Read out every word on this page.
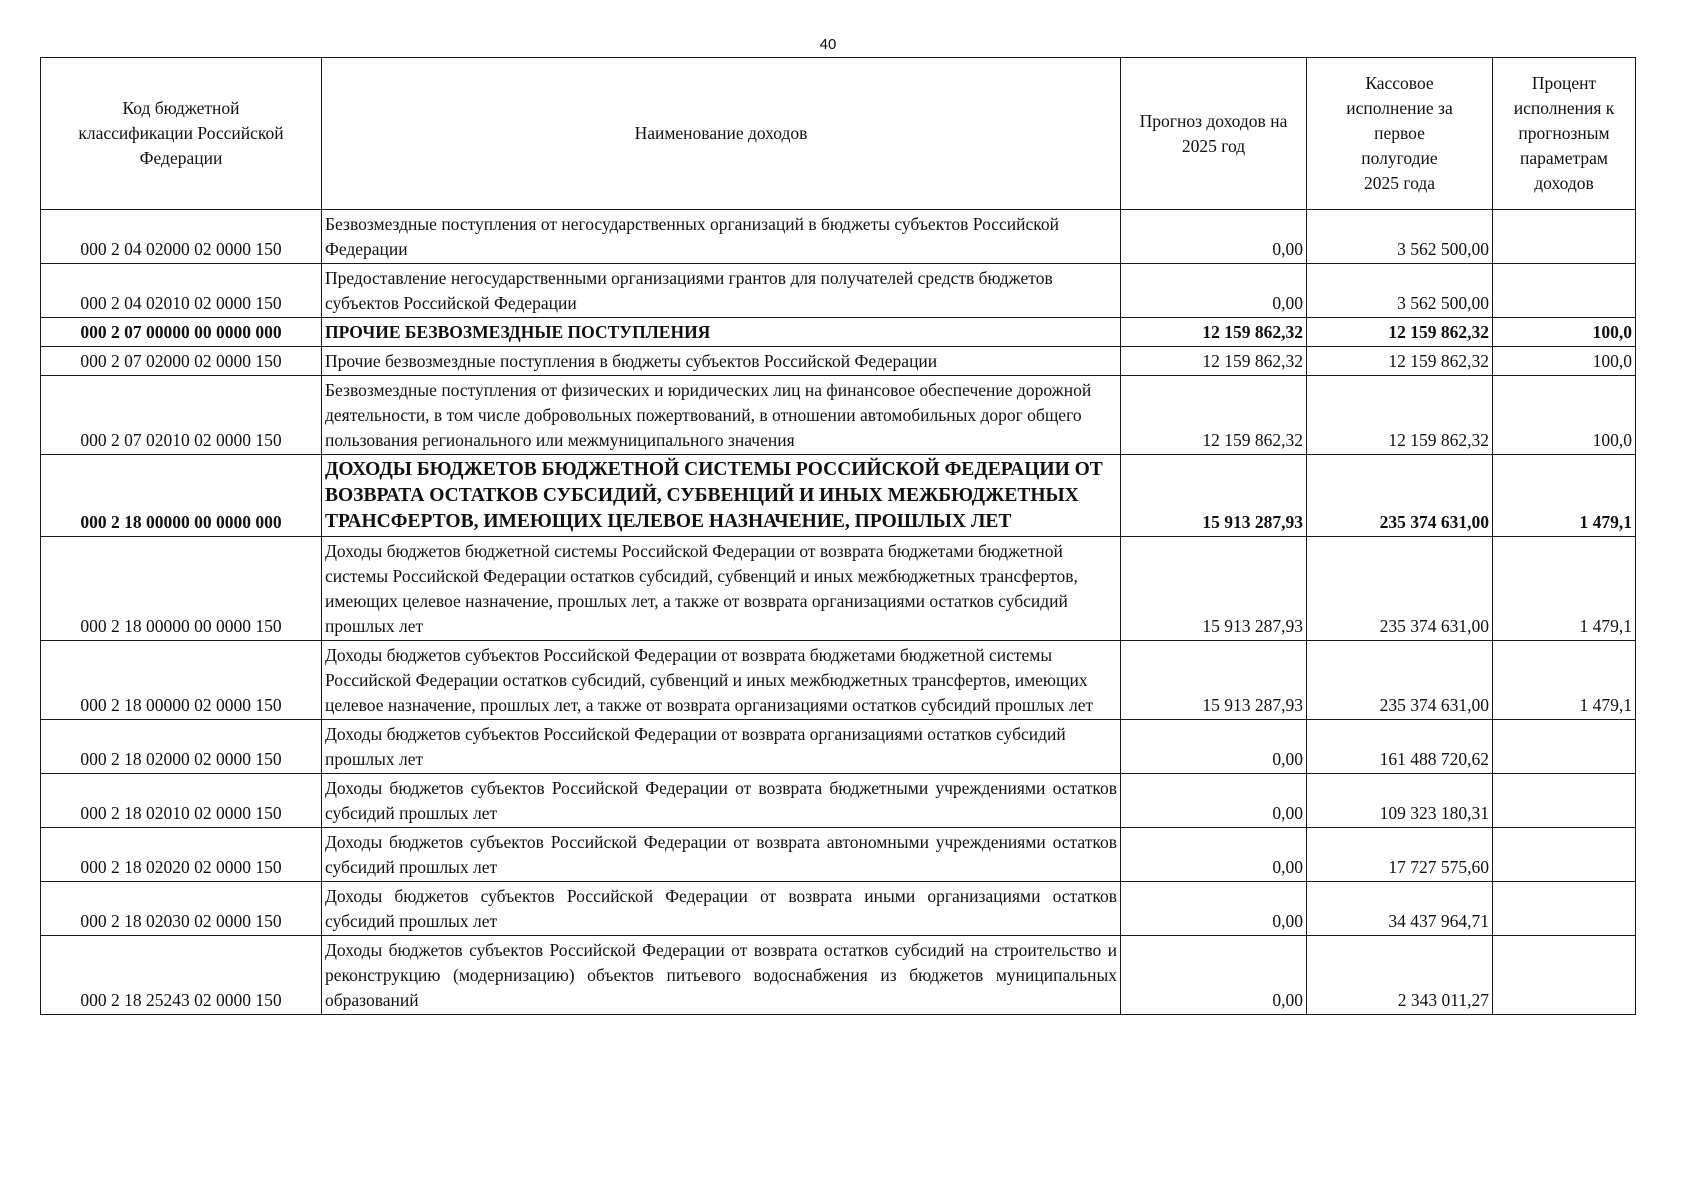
40
Код бюджетной классификации Российской Федерации	Наименование доходов	Прогноз доходов на 2025 год	Кассовое исполнение за первое полугодие 2025 года	Процент исполнения к прогнозным параметрам доходов
000 2 04 02000 02 0000 150	Безвозмездные поступления от негосударственных организаций в бюджеты субъектов Российской Федерации	0,00	3 562 500,00	
000 2 04 02010 02 0000 150	Предоставление негосударственными организациями грантов для получателей средств бюджетов субъектов Российской Федерации	0,00	3 562 500,00	
000 2 07 00000 00 0000 000	ПРОЧИЕ БЕЗВОЗМЕЗДНЫЕ ПОСТУПЛЕНИЯ	12 159 862,32	12 159 862,32	100,0
000 2 07 02000 02 0000 150	Прочие безвозмездные поступления в бюджеты субъектов Российской Федерации	12 159 862,32	12 159 862,32	100,0
000 2 07 02010 02 0000 150	Безвозмездные поступления от физических и юридических лиц на финансовое обеспечение дорожной деятельности, в том числе добровольных пожертвований, в отношении автомобильных дорог общего пользования регионального или межмуниципального значения	12 159 862,32	12 159 862,32	100,0
000 2 18 00000 00 0000 000	ДОХОДЫ БЮДЖЕТОВ БЮДЖЕТНОЙ СИСТЕМЫ РОССИЙСКОЙ ФЕДЕРАЦИИ ОТ ВОЗВРАТА ОСТАТКОВ СУБСИДИЙ, СУБВЕНЦИЙ И ИНЫХ МЕЖБЮДЖЕТНЫХ ТРАНСФЕРТОВ, ИМЕЮЩИХ ЦЕЛЕВОЕ НАЗНАЧЕНИЕ, ПРОШЛЫХ ЛЕТ	15 913 287,93	235 374 631,00	1 479,1
000 2 18 00000 00 0000 150	Доходы бюджетов бюджетной системы Российской Федерации от возврата бюджетами бюджетной системы Российской Федерации остатков субсидий, субвенций и иных межбюджетных трансфертов, имеющих целевое назначение, прошлых лет, а также от возврата организациями остатков субсидий прошлых лет	15 913 287,93	235 374 631,00	1 479,1
000 2 18 00000 02 0000 150	Доходы бюджетов субъектов Российской Федерации от возврата бюджетами бюджетной системы Российской Федерации остатков субсидий, субвенций и иных межбюджетных трансфертов, имеющих целевое назначение, прошлых лет, а также от возврата организациями остатков субсидий прошлых лет	15 913 287,93	235 374 631,00	1 479,1
000 2 18 02000 02 0000 150	Доходы бюджетов субъектов Российской Федерации от возврата организациями остатков субсидий прошлых лет	0,00	161 488 720,62	
000 2 18 02010 02 0000 150	Доходы бюджетов субъектов Российской Федерации от возврата бюджетными учреждениями остатков субсидий прошлых лет	0,00	109 323 180,31	
000 2 18 02020 02 0000 150	Доходы бюджетов субъектов Российской Федерации от возврата автономными учреждениями остатков субсидий прошлых лет	0,00	17 727 575,60	
000 2 18 02030 02 0000 150	Доходы бюджетов субъектов Российской Федерации от возврата иными организациями остатков субсидий прошлых лет	0,00	34 437 964,71	
000 2 18 25243 02 0000 150	Доходы бюджетов субъектов Российской Федерации от возврата остатков субсидий на строительство и реконструкцию (модернизацию) объектов питьевого водоснабжения из бюджетов муниципальных образований	0,00	2 343 011,27	
